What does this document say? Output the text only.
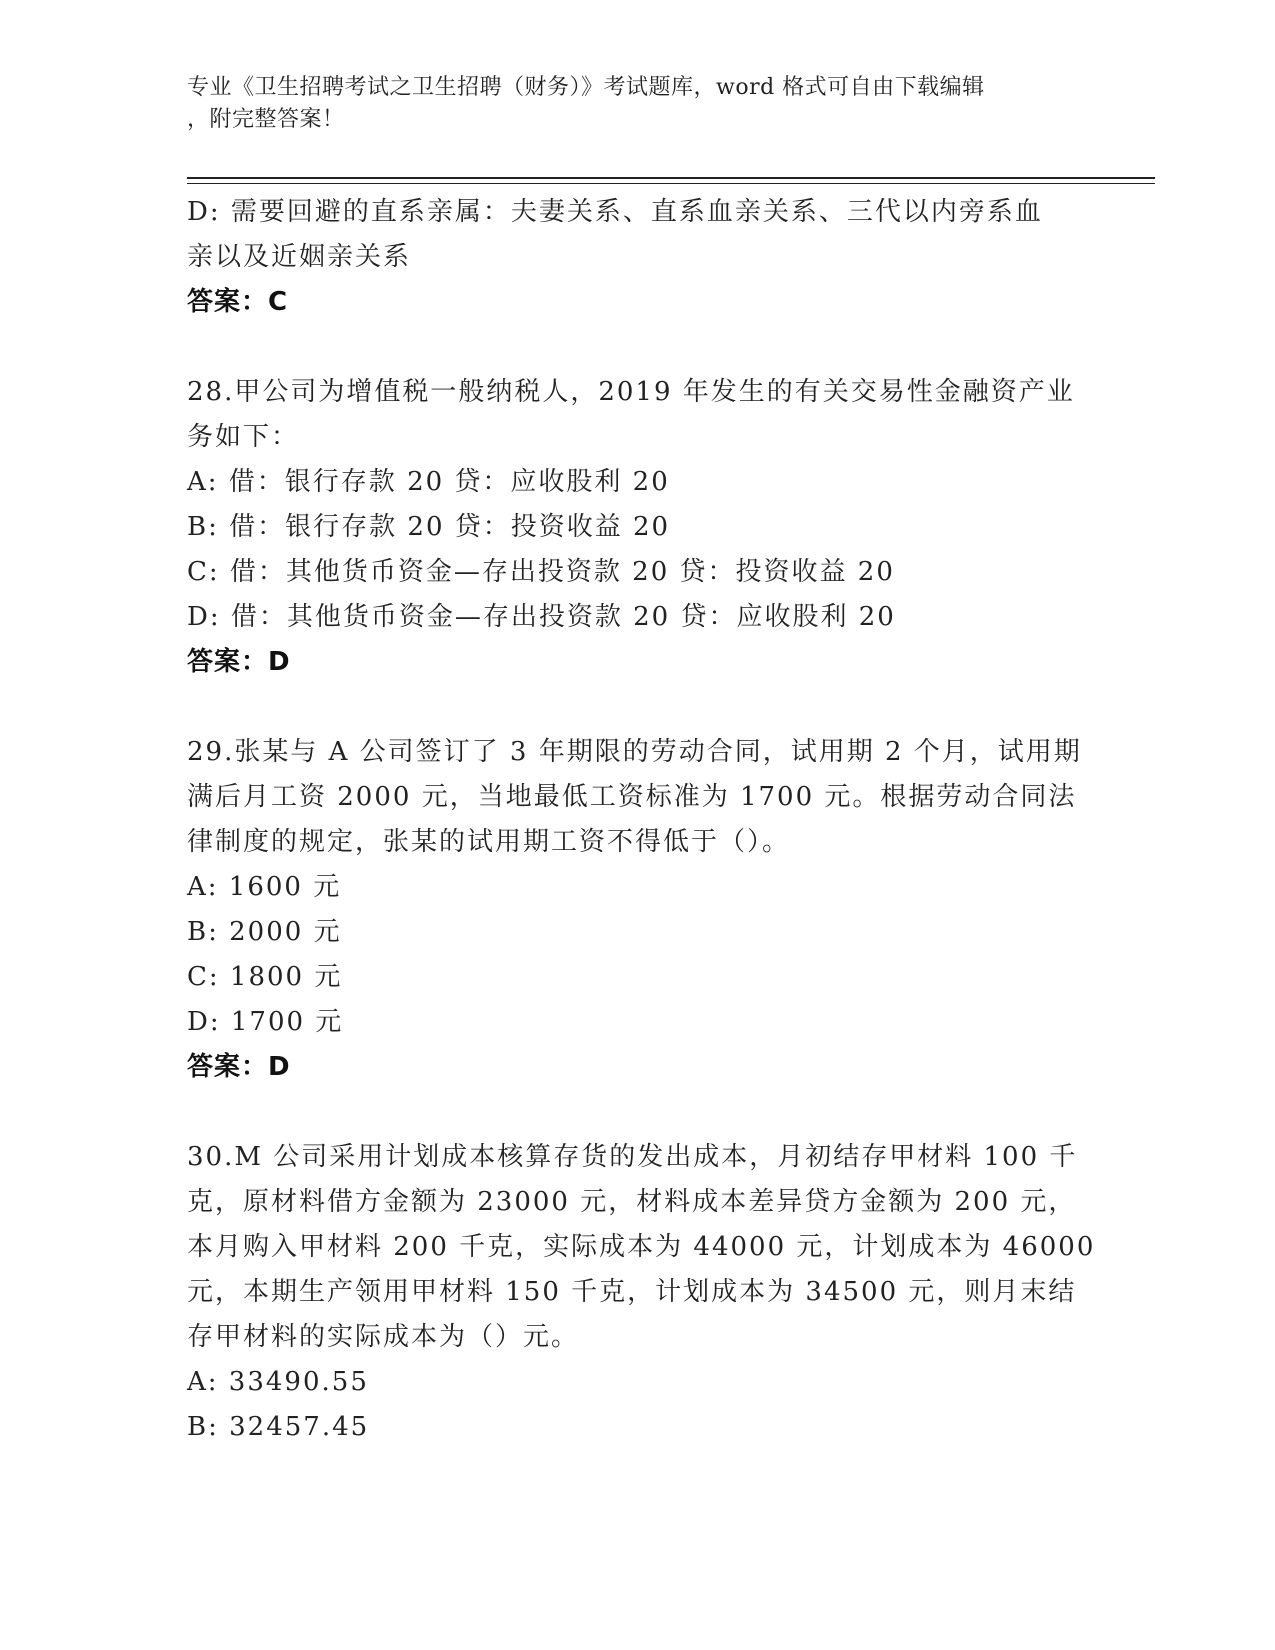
专业《卫生招聘考试之卫生招聘（财务）》考试题库，word 格式可自由下载编辑
，附完整答案！
D: 需要回避的直系亲属：夫妻关系、直系血亲关系、三代以内旁系血
亲以及近姻亲关系
答案：C
28.甲公司为增值税一般纳税人，2019 年发生的有关交易性金融资产业
务如下：
A: 借：银行存款 20 贷：应收股利 20
B: 借：银行存款 20 贷：投资收益 20
C: 借：其他货币资金—存出投资款 20 贷：投资收益 20
D: 借：其他货币资金—存出投资款 20 贷：应收股利 20
答案：D
29.张某与 A 公司签订了 3 年期限的劳动合同，试用期 2 个月，试用期
满后月工资 2000 元，当地最低工资标准为 1700 元。根据劳动合同法
律制度的规定，张某的试用期工资不得低于（）。
A: 1600 元
B: 2000 元
C: 1800 元
D: 1700 元
答案：D
30.M 公司采用计划成本核算存货的发出成本，月初结存甲材料 100 千
克，原材料借方金额为 23000 元，材料成本差异贷方金额为 200 元，
本月购入甲材料 200 千克，实际成本为 44000 元，计划成本为 46000
元，本期生产领用甲材料 150 千克，计划成本为 34500 元，则月末结
存甲材料的实际成本为（）元。
A: 33490.55
B: 32457.45
